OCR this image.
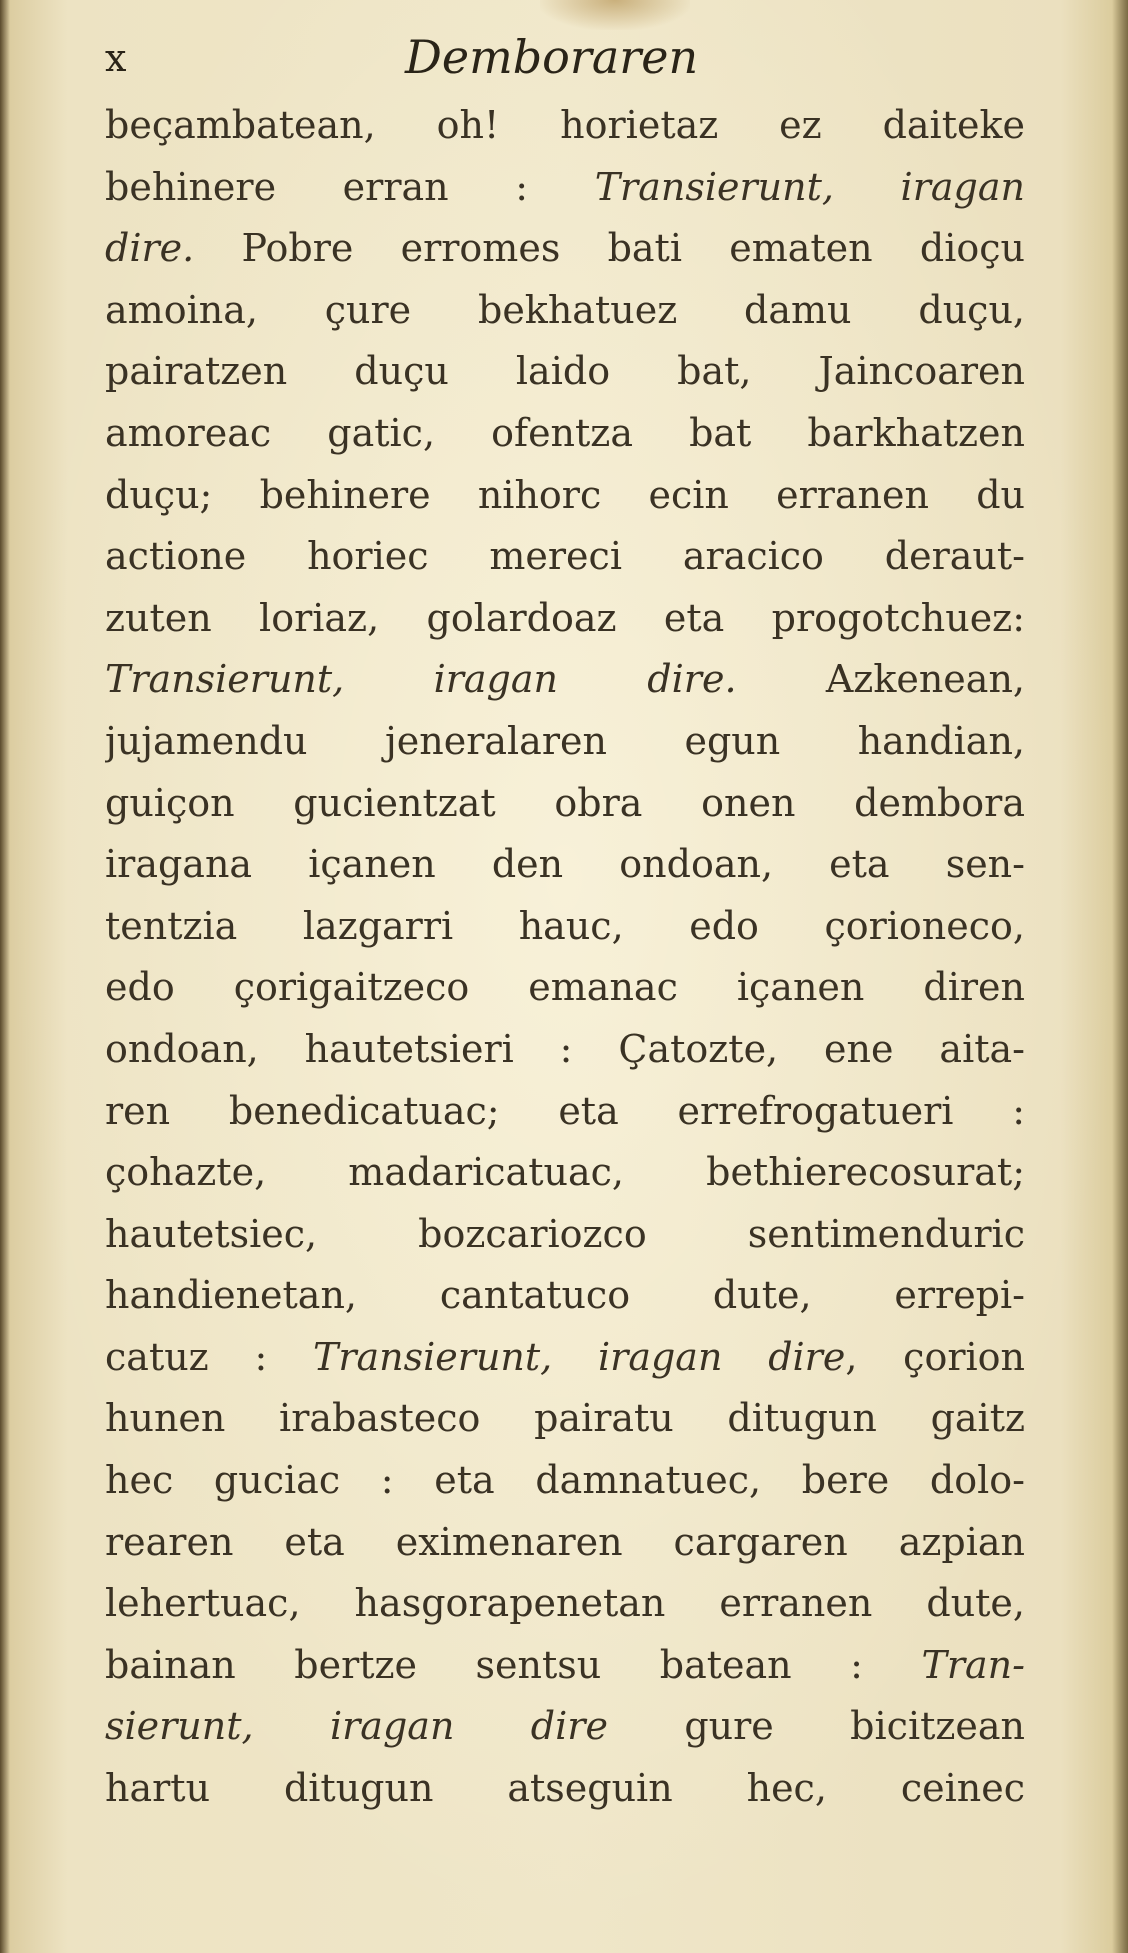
x	Demboraren
beçambatean, oh! horietaz ez daiteke
behinere erran : Transierunt, iragan
dire. Pobre erromes bati ematen dioçu
amoina, çure bekhatuez damu duçu,
pairatzen duçu laido bat, Jaincoaren
amoreac gatic, ofentza bat barkhatzen
duçu; behinere nihorc ecin erranen du
actione horiec mereci aracico deraut-
zuten loriaz, golardoaz eta progotchuez:
Transierunt, iragan dire. Azkenean,
jujamendu jeneralaren egun handian,
guiçon gucientzat obra onen dembora
iragana içanen den ondoan, eta sen-
tentzia lazgarri hauc, edo çorioneco,
edo çorigaitzeco emanac içanen diren
ondoan, hautetsieri : Çatozte, ene aita-
ren benedicatuac; eta errefrogatueri :
çohazte, madaricatuac, bethierecosurat;
hautetsiec, bozcariozco sentimenduric
handienetan, cantatuco dute, errepi-
catuz : Transierunt, iragan dire, çorion
hunen irabasteco pairatu ditugun gaitz
hec guciac : eta damnatuec, bere dolo-
rearen eta eximenaren cargaren azpian
lehertuac, hasgorapenetan erranen dute,
bainan bertze sentsu batean : Tran-
sierunt, iragan dire gure bicitzean
hartu ditugun atseguin hec, ceinec
